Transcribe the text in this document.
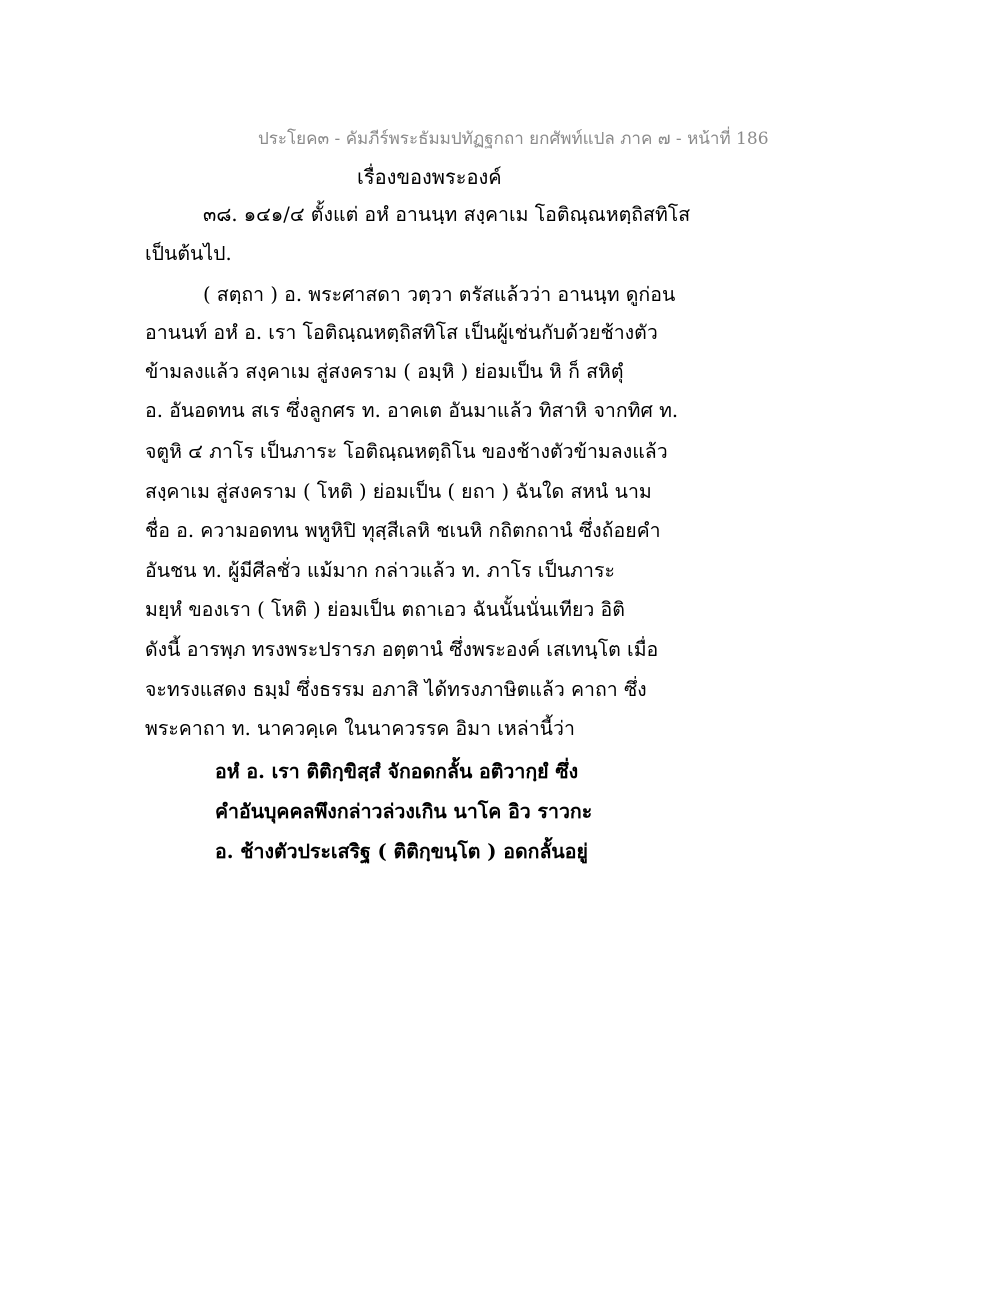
ประโยค๓ - คัมภีร์พระธัมมปทัฏฐกถา ยกศัพท์แปล ภาค ๗ - หน้าที่ 186
เรื่องของพระองค์
๓๘. ๑๔๑/๔ ตั้งแต่ อหํ อานนฺท สงฺคาเม โอติณฺณหตฺถิสทิโส
เป็นต้นไป.
( สตฺถา ) อ. พระศาสดา วตฺวา ตรัสแล้วว่า อานนฺท ดูก่อน
อานนท์ อหํ อ. เรา โอติณฺณหตฺถิสทิโส เป็นผู้เช่นกับด้วยช้างตัว
ข้ามลงแล้ว สงฺคาเม สู่สงคราม ( อมฺหิ ) ย่อมเป็น หิ ก็ สหิตุํ
อ. อันอดทน สเร ซึ่งลูกศร ท. อาคเต อันมาแล้ว ทิสาหิ จากทิศ ท.
จตูหิ ๔ ภาโร เป็นภาระ โอติณฺณหตฺถิโน ของช้างตัวข้ามลงแล้ว
สงฺคาเม สู่สงคราม ( โหติ ) ย่อมเป็น ( ยถา ) ฉันใด สหนํ นาม
ชื่อ อ. ความอดทน พหูหิปิ ทุสฺสีเลหิ ชเนหิ กถิตกถานํ ซึ่งถ้อยคำ
อันชน ท. ผู้มีศีลชั่ว แม้มาก กล่าวแล้ว ท. ภาโร เป็นภาระ
มยฺหํ ของเรา ( โหติ ) ย่อมเป็น ตถาเอว ฉันนั้นนั่นเทียว อิติ
ดังนี้ อารพฺภ ทรงพระปรารภ อตฺตานํ ซึ่งพระองค์ เสเทนฺโต เมื่อ
จะทรงแสดง ธมฺมํ ซึ่งธรรม อภาสิ ได้ทรงภาษิตแล้ว คาถา ซึ่ง
พระคาถา ท. นาควคฺเค ในนาควรรค อิมา เหล่านี้ว่า
อหํ อ. เรา ติติกฺขิสฺสํ จักอดกลั้น อติวากฺยํ ซึ่ง
คำอันบุคคลพึงกล่าวล่วงเกิน นาโค อิว ราวกะ
อ. ช้างตัวประเสริฐ ( ติติกฺขนฺโต ) อดกลั้นอยู่
